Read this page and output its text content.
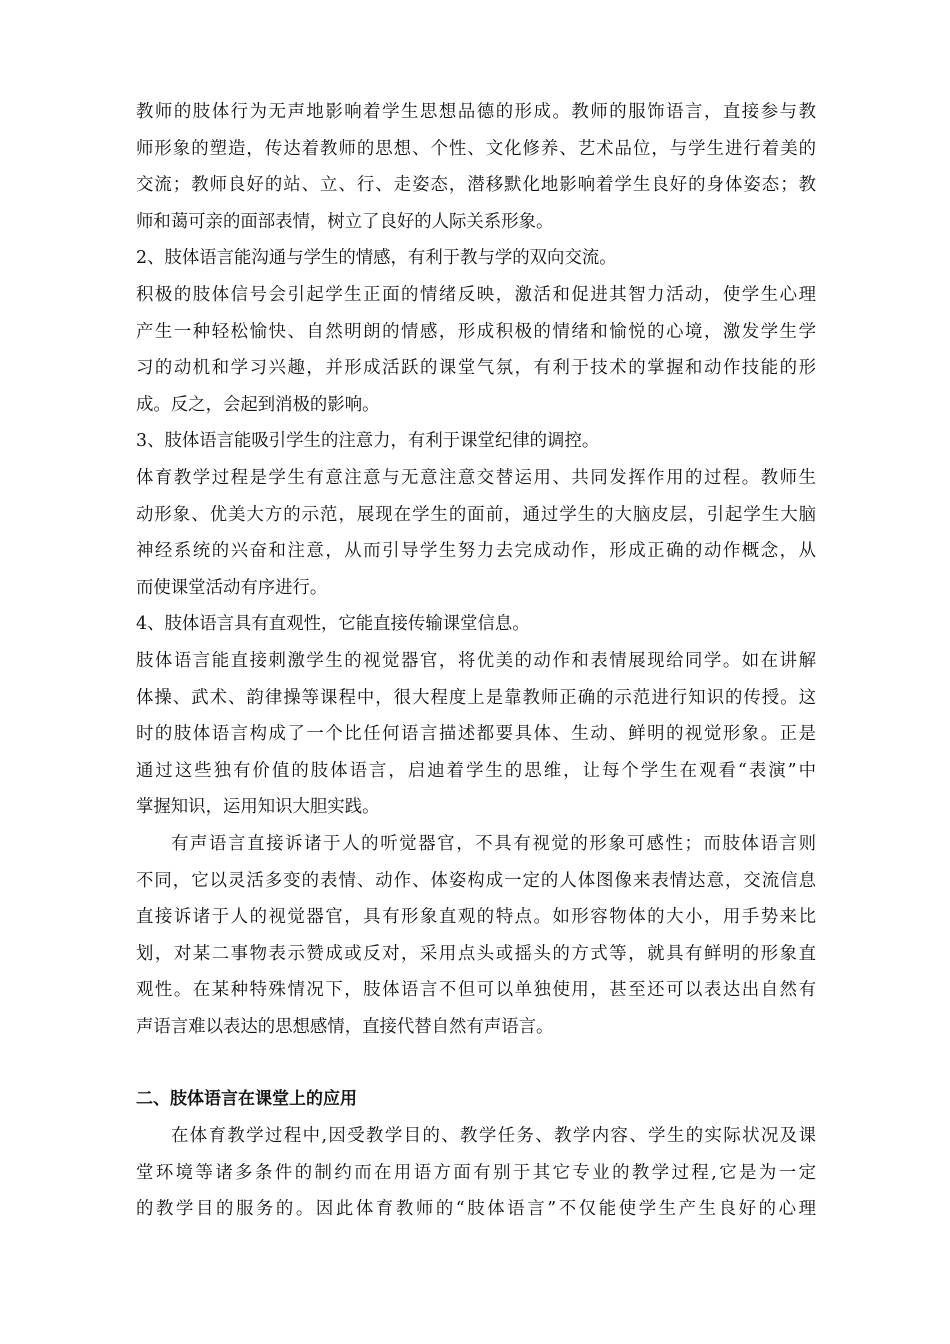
教师的肢体行为无声地影响着学生思想品德的形成。教师的服饰语言，直接参与教
师形象的塑造，传达着教师的思想、个性、文化修养、艺术品位，与学生进行着美的
交流；教师良好的站、立、行、走姿态，潜移默化地影响着学生良好的身体姿态；教
师和蔼可亲的面部表情，树立了良好的人际关系形象。
2、肢体语言能沟通与学生的情感，有利于教与学的双向交流。
积极的肢体信号会引起学生正面的情绪反映，激活和促进其智力活动，使学生心理
产生一种轻松愉快、自然明朗的情感，形成积极的情绪和愉悦的心境，激发学生学
习的动机和学习兴趣，并形成活跃的课堂气氛，有利于技术的掌握和动作技能的形
成。反之，会起到消极的影响。
3、肢体语言能吸引学生的注意力，有利于课堂纪律的调控。
体育教学过程是学生有意注意与无意注意交替运用、共同发挥作用的过程。教师生
动形象、优美大方的示范，展现在学生的面前，通过学生的大脑皮层，引起学生大脑
神经系统的兴奋和注意，从而引导学生努力去完成动作，形成正确的动作概念，从
而使课堂活动有序进行。
4、肢体语言具有直观性，它能直接传输课堂信息。
肢体语言能直接刺激学生的视觉器官，将优美的动作和表情展现给同学。如在讲解
体操、武术、韵律操等课程中，很大程度上是靠教师正确的示范进行知识的传授。这
时的肢体语言构成了一个比任何语言描述都要具体、生动、鲜明的视觉形象。正是
通过这些独有价值的肢体语言，启迪着学生的思维，让每个学生在观看“表演”中
掌握知识，运用知识大胆实践。
有声语言直接诉诸于人的听觉器官，不具有视觉的形象可感性；而肢体语言则
不同，它以灵活多变的表情、动作、体姿构成一定的人体图像来表情达意，交流信息
直接诉诸于人的视觉器官，具有形象直观的特点。如形容物体的大小，用手势来比
划，对某二事物表示赞成或反对，采用点头或摇头的方式等，就具有鲜明的形象直
观性。在某种特殊情况下，肢体语言不但可以单独使用，甚至还可以表达出自然有
声语言难以表达的思想感情，直接代替自然有声语言。
二、肢体语言在课堂上的应用
在体育教学过程中,因受教学目的、教学任务、教学内容、学生的实际状况及课
堂环境等诸多条件的制约而在用语方面有别于其它专业的教学过程,它是为一定
的教学目的服务的。因此体育教师的“肢体语言”不仅能使学生产生良好的心理
